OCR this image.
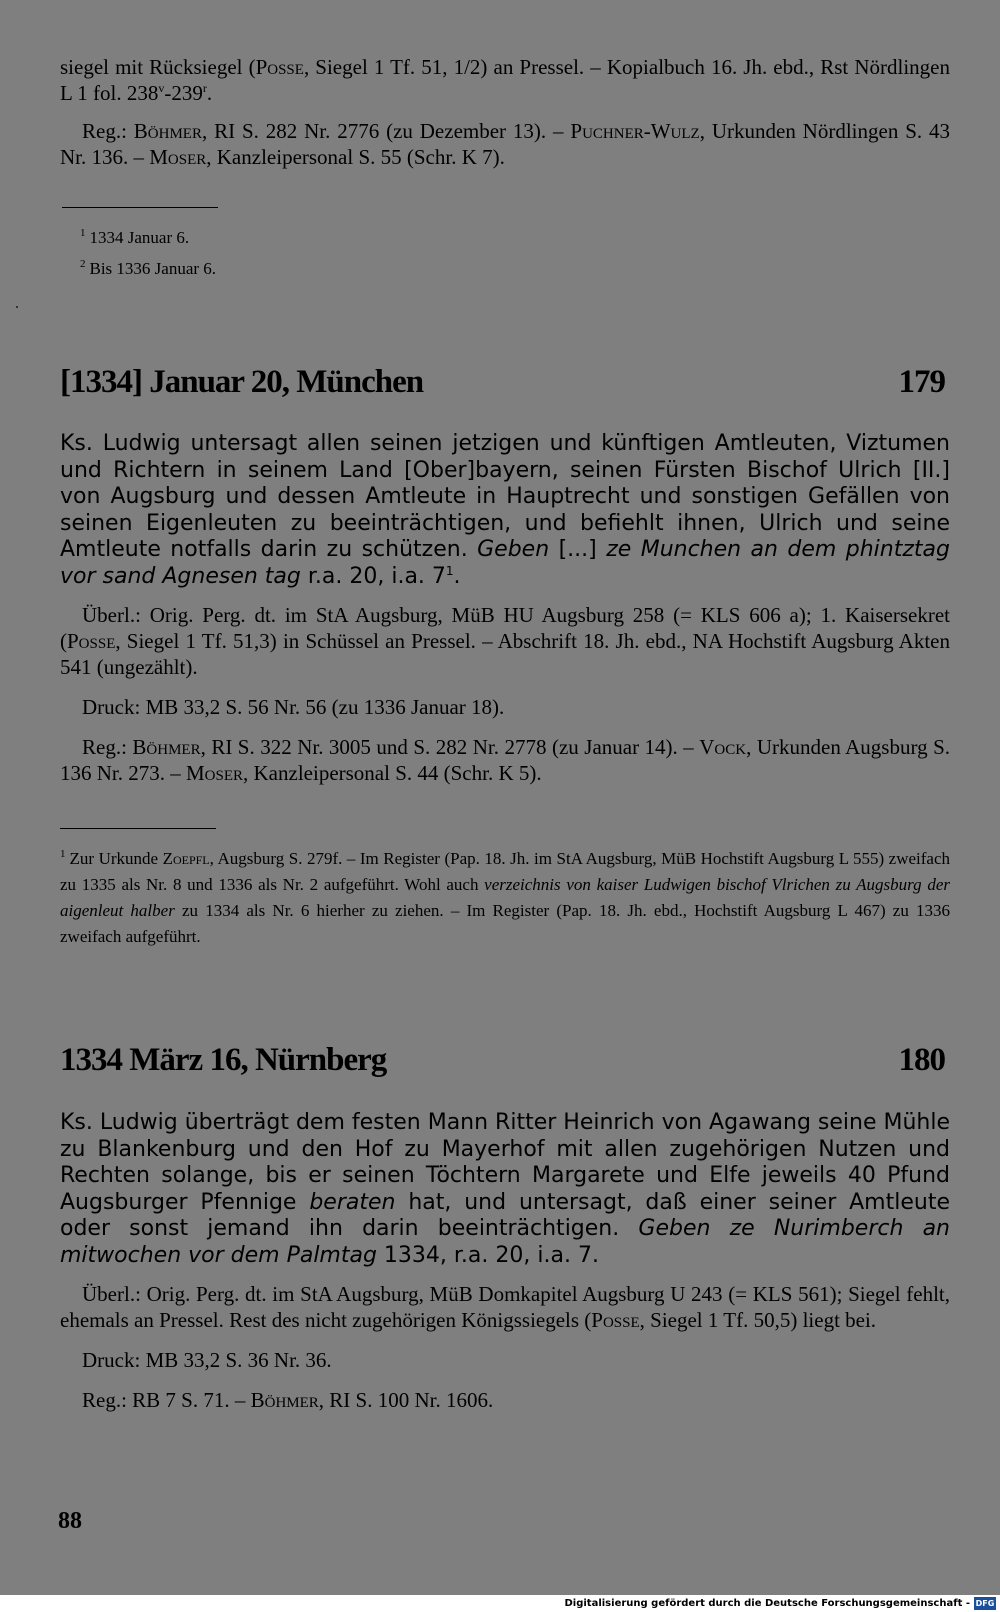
siegel mit Rücksiegel (Posse, Siegel 1 Tf. 51, 1/2) an Pressel. – Kopialbuch 16. Jh. ebd., Rst Nördlingen L 1 fol. 238$^v$-239$^r$.

Reg.: Böhmer, RI S. 282 Nr. 2776 (zu Dezember 13). – Puchner-Wulz, Urkunden Nördlingen S. 43 Nr. 136. – Moser, Kanzleipersonal S. 55 (Schr. K 7).

$^1$ 1334 Januar 6.

$^2$ Bis 1336 Januar 6.

[1334] Januar 20, München	179

Ks. Ludwig untersagt allen seinen jetzigen und künftigen Amtleuten, Viztumen und Richtern in seinem Land [Ober]bayern, seinen Fürsten Bischof Ulrich [II.] von Augsburg und dessen Amtleute in Hauptrecht und sonstigen Gefällen von seinen Eigenleuten zu beeinträchtigen, und befiehlt ihnen, Ulrich und seine Amtleute notfalls darin zu schützen. Geben [...] ze Munchen an dem phintztag vor sand Agnesen tag r.a. 20, i.a. $7^1$.

Überl.: Orig. Perg. dt. im StA Augsburg, MüB HU Augsburg 258 (= KLS 606 a); 1. Kaisersekret (Posse, Siegel 1 Tf. 51,3) in Schüssel an Pressel. – Abschrift 18. Jh. ebd., NA Hochstift Augsburg Akten 541 (ungezählt).

Druck: MB 33,2 S. 56 Nr. 56 (zu 1336 Januar 18).

Reg.: Böhmer, RI S. 322 Nr. 3005 und S. 282 Nr. 2778 (zu Januar 14). – Vock, Urkunden Augsburg S. 136 Nr. 273. – Moser, Kanzleipersonal S. 44 (Schr. K 5).

$^1$ Zur Urkunde Zoepfl, Augsburg S. 279f. – Im Register (Pap. 18. Jh. im StA Augsburg, MüB Hochstift Augsburg L 555) zweifach zu 1335 als Nr. 8 und 1336 als Nr. 2 aufgeführt. Wohl auch verzeichnis von kaiser Ludwigen bischof Vlrichen zu Augsburg der aigenleut halber zu 1334 als Nr. 6 hierher zu ziehen. – Im Register (Pap. 18. Jh. ebd., Hochstift Augsburg L 467) zu 1336 zweifach aufgeführt.

1334 März 16, Nürnberg	180

Ks. Ludwig überträgt dem festen Mann Ritter Heinrich von Agawang seine Mühle zu Blankenburg und den Hof zu Mayerhof mit allen zugehörigen Nutzen und Rechten solange, bis er seinen Töchtern Margarete und Elfe jeweils 40 Pfund Augsburger Pfennige beraten hat, und untersagt, daß einer seiner Amtleute oder sonst jemand ihn darin beeinträchtigen. Geben ze Nurimberch an mitwochen vor dem Palmtag 1334, r.a. 20, i.a. 7.

Überl.: Orig. Perg. dt. im StA Augsburg, MüB Domkapitel Augsburg U 243 (= KLS 561); Siegel fehlt, ehemals an Pressel. Rest des nicht zugehörigen Königssiegels (Posse, Siegel 1 Tf. 50,5) liegt bei.

Druck: MB 33,2 S. 36 Nr. 36.

Reg.: RB 7 S. 71. – Böhmer, RI S. 100 Nr. 1606.

88
Digitalisierung gefördert durch die Deutsche Forschungsgemeinschaft - DFG
